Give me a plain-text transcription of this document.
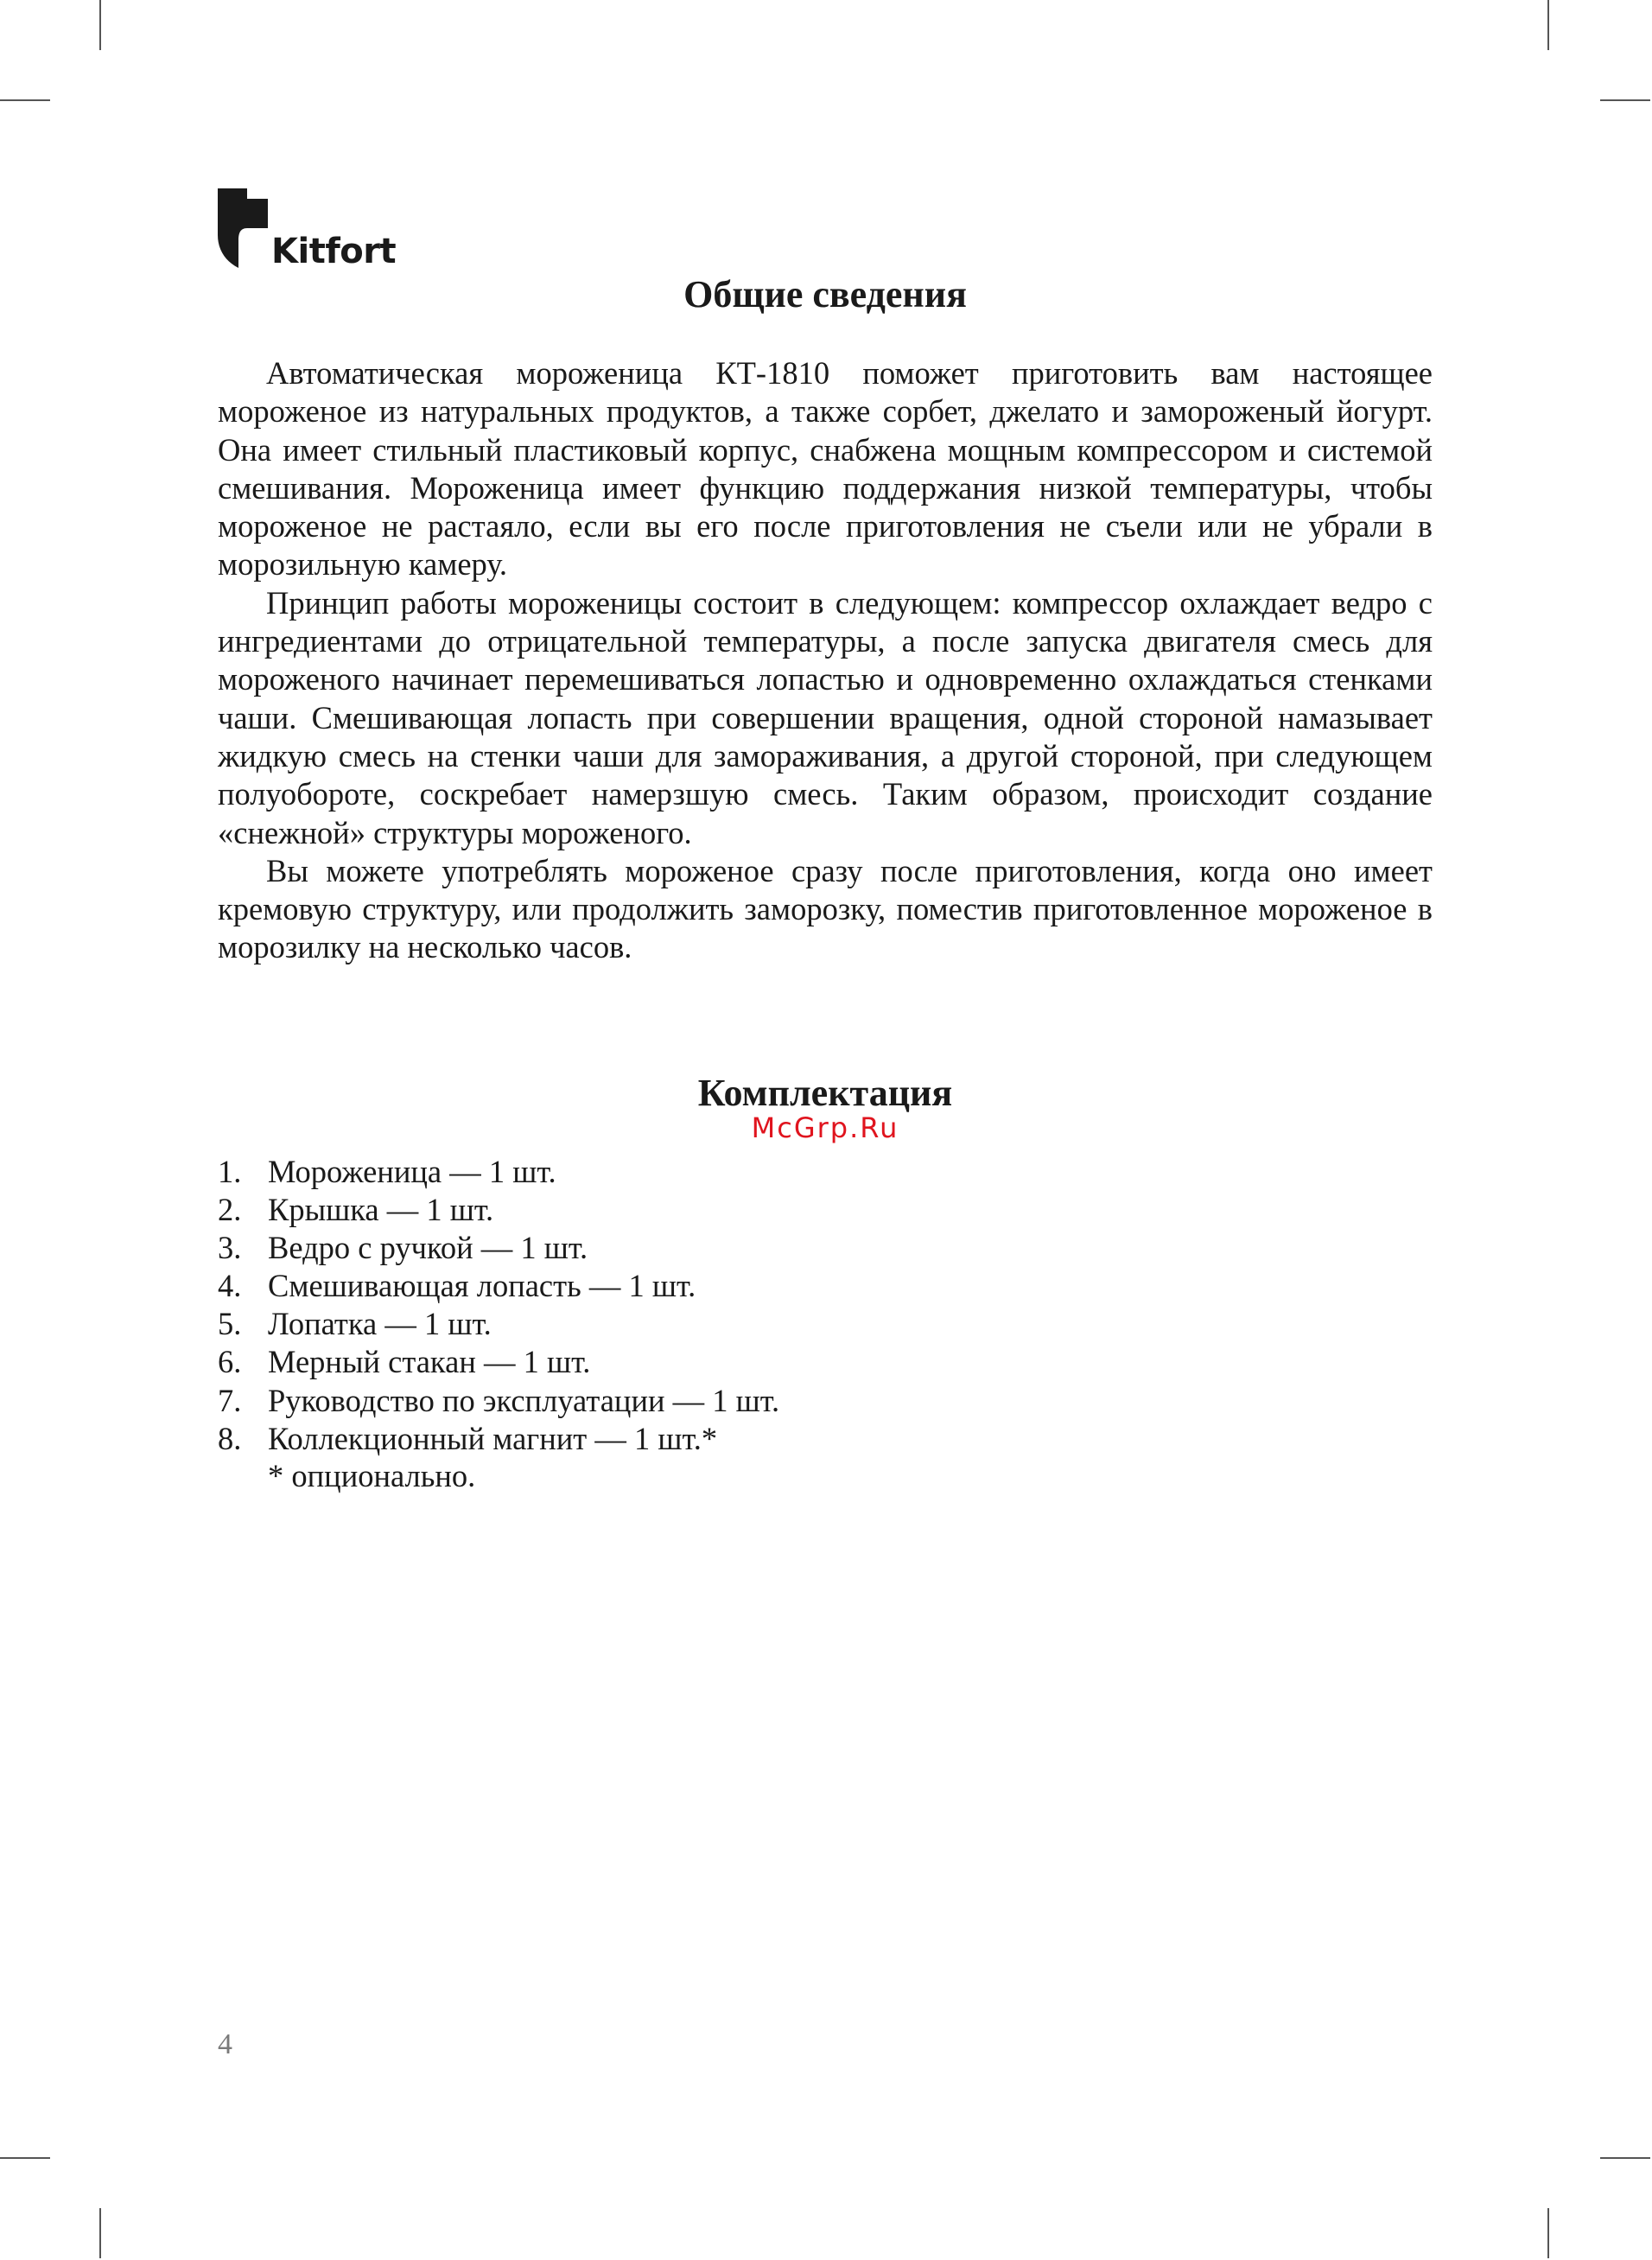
Kitfort
Общие сведения

Автоматическая мороженица КТ-1810 поможет приготовить вам настоящее мороженое из натуральных продуктов, а также сорбет, джелато и замороженый йогурт. Она имеет стильный пластиковый корпус, снабжена мощным компрессором и системой смешивания. Мороженица имеет функцию поддержания низкой температуры, чтобы мороженое не растаяло, если вы его после приготовления не съели или не убрали в морозильную камеру.

Принцип работы мороженицы состоит в следующем: компрессор охлаждает ведро с ингредиентами до отрицательной температуры, а после запуска двигателя смесь для мороженого начинает перемешиваться лопастью и одновременно охлаждаться стенками чаши. Смешивающая лопасть при совершении вращения, одной стороной намазывает жидкую смесь на стенки чаши для замораживания, а другой стороной, при следующем полуобороте, соскребает намерзшую смесь. Таким образом, происходит создание «снежной» структуры мороженого.

Вы можете употреблять мороженое сразу после приготовления, когда оно имеет кремовую структуру, или продолжить заморозку, поместив приготовленное мороженое в морозилку на несколько часов.

Комплектация
McGrp.Ru
1. Мороженица — 1 шт.
2. Крышка — 1 шт.
3. Ведро с ручкой — 1 шт.
4. Смешивающая лопасть — 1 шт.
5. Лопатка — 1 шт.
6. Мерный стакан — 1 шт.
7. Руководство по эксплуатации — 1 шт.
8. Коллекционный магнит — 1 шт.*
* опционально.
4
